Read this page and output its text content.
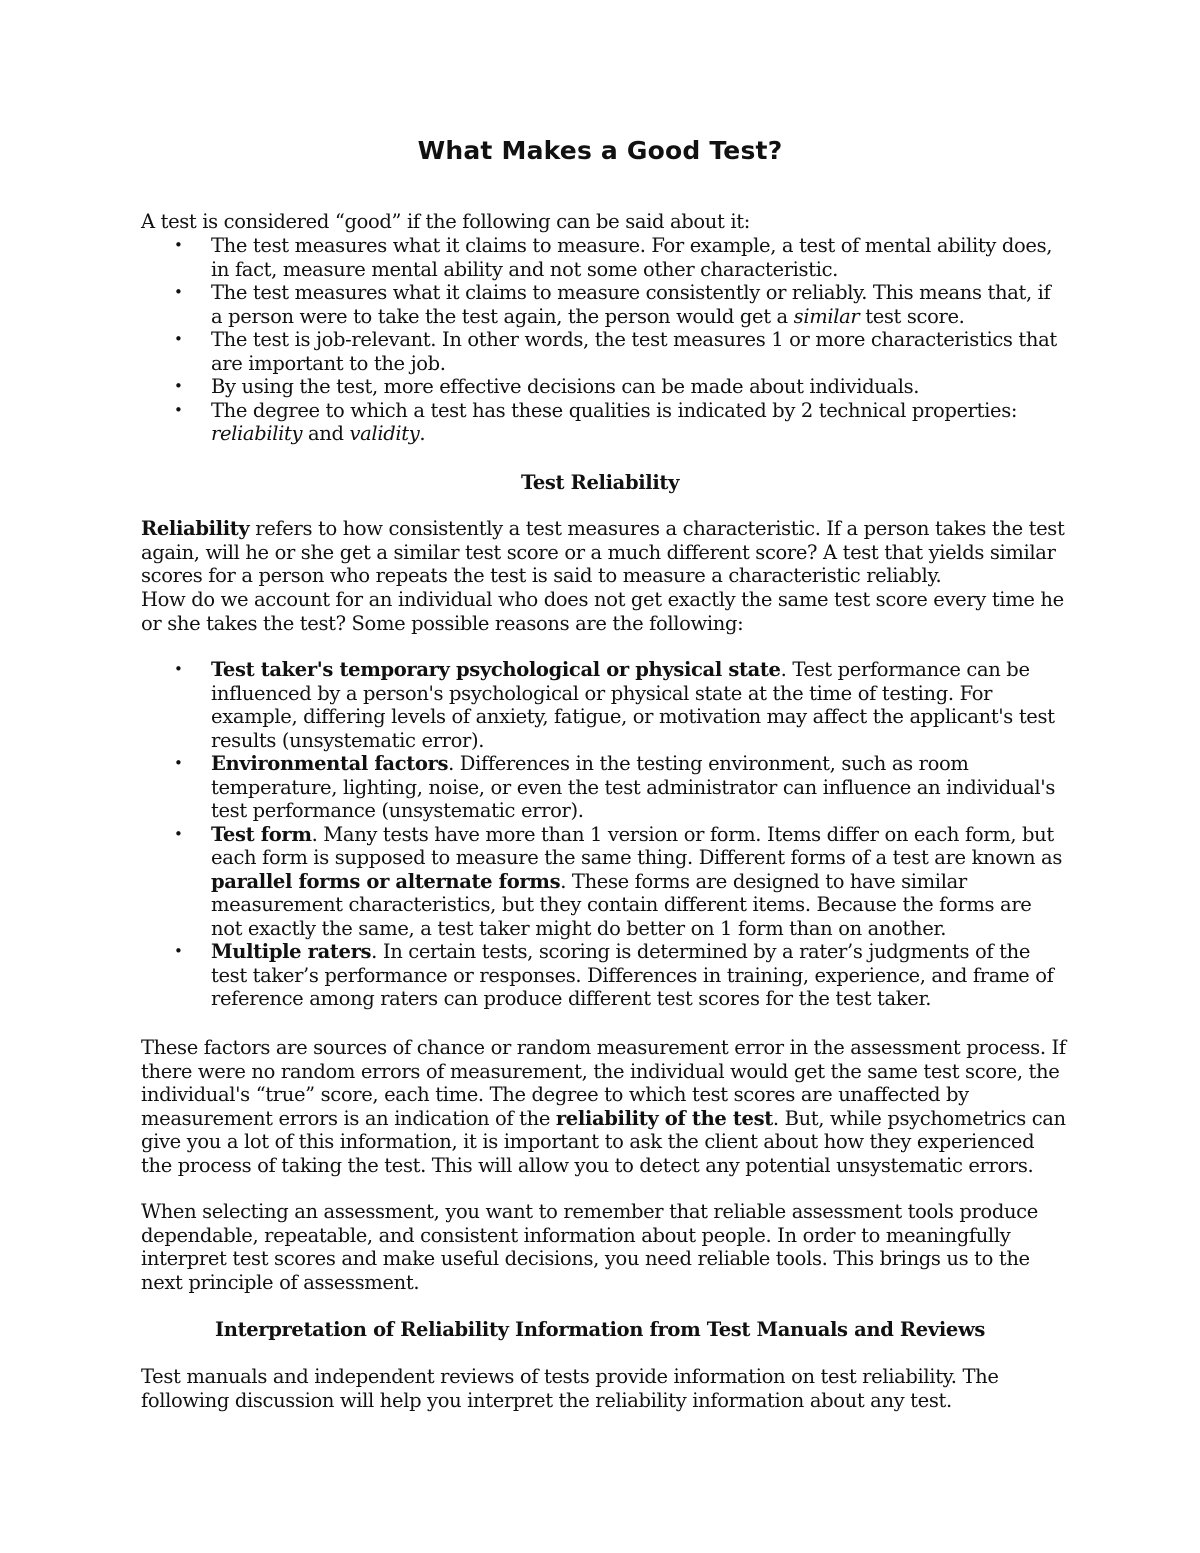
What Makes a Good Test?

A test is considered “good” if the following can be said about it:

• The test measures what it claims to measure. For example, a test of mental ability does, in fact, measure mental ability and not some other characteristic.
• The test measures what it claims to measure consistently or reliably. This means that, if a person were to take the test again, the person would get a similar test score.
• The test is job-relevant. In other words, the test measures 1 or more characteristics that are important to the job.
• By using the test, more effective decisions can be made about individuals.
• The degree to which a test has these qualities is indicated by 2 technical properties: reliability and validity.

Test Reliability

Reliability refers to how consistently a test measures a characteristic. If a person takes the test again, will he or she get a similar test score or a much different score? A test that yields similar scores for a person who repeats the test is said to measure a characteristic reliably.

How do we account for an individual who does not get exactly the same test score every time he or she takes the test? Some possible reasons are the following:

• Test taker's temporary psychological or physical state. Test performance can be influenced by a person's psychological or physical state at the time of testing. For example, differing levels of anxiety, fatigue, or motivation may affect the applicant's test results (unsystematic error).
• Environmental factors. Differences in the testing environment, such as room temperature, lighting, noise, or even the test administrator can influence an individual's test performance (unsystematic error).
• Test form. Many tests have more than 1 version or form. Items differ on each form, but each form is supposed to measure the same thing. Different forms of a test are known as parallel forms or alternate forms. These forms are designed to have similar measurement characteristics, but they contain different items. Because the forms are not exactly the same, a test taker might do better on 1 form than on another.
• Multiple raters. In certain tests, scoring is determined by a rater’s judgments of the test taker’s performance or responses. Differences in training, experience, and frame of reference among raters can produce different test scores for the test taker.

These factors are sources of chance or random measurement error in the assessment process. If there were no random errors of measurement, the individual would get the same test score, the individual's “true” score, each time. The degree to which test scores are unaffected by measurement errors is an indication of the reliability of the test. But, while psychometrics can give you a lot of this information, it is important to ask the client about how they experienced the process of taking the test. This will allow you to detect any potential unsystematic errors.

When selecting an assessment, you want to remember that reliable assessment tools produce dependable, repeatable, and consistent information about people. In order to meaningfully interpret test scores and make useful decisions, you need reliable tools. This brings us to the next principle of assessment.

Interpretation of Reliability Information from Test Manuals and Reviews

Test manuals and independent reviews of tests provide information on test reliability. The following discussion will help you interpret the reliability information about any test.
